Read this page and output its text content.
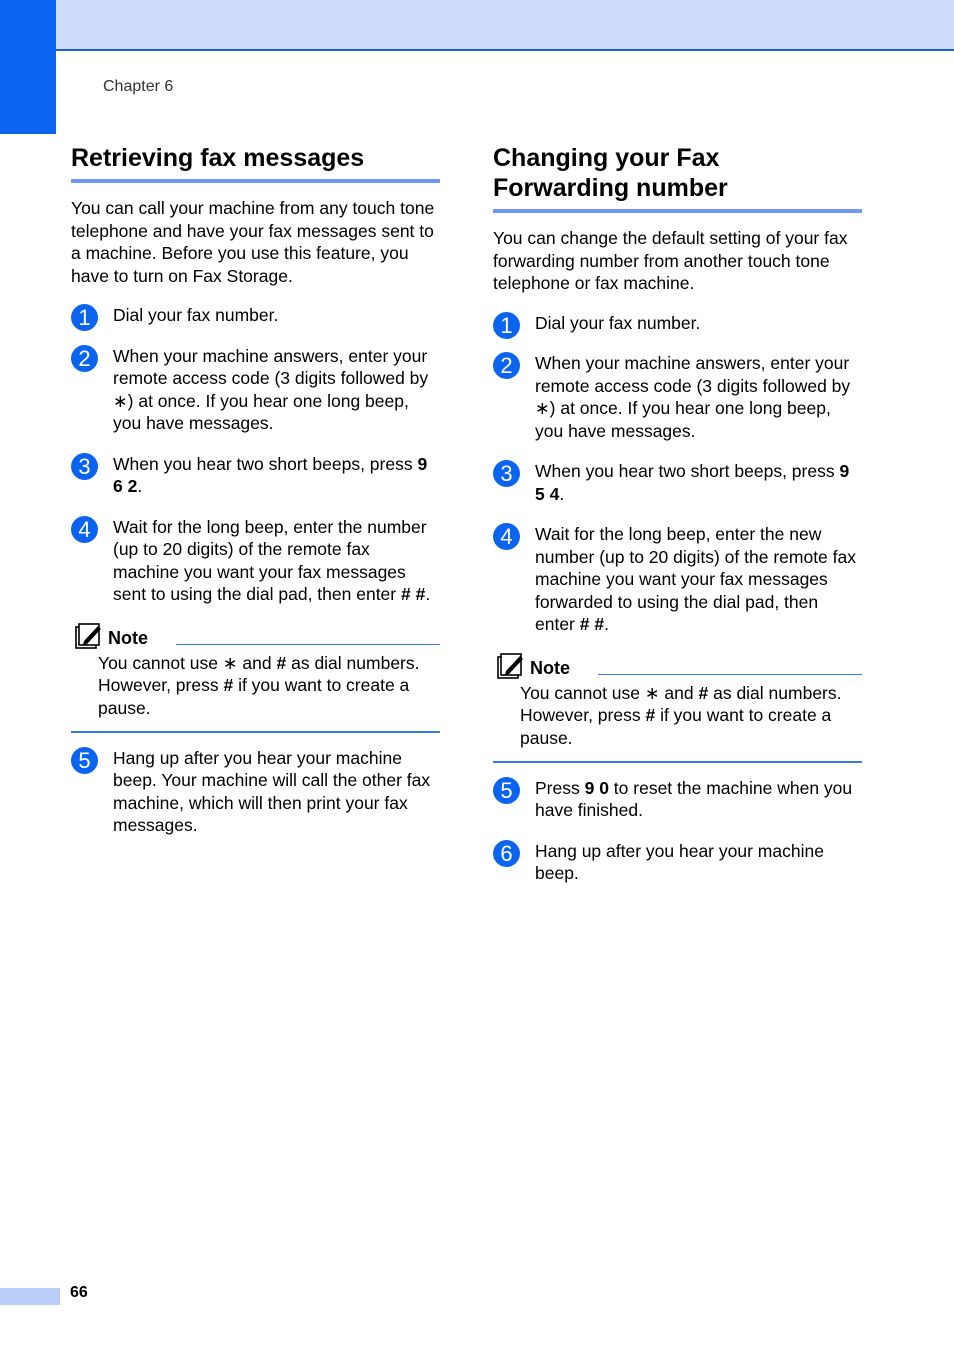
Chapter 6
Retrieving fax messages
You can call your machine from any touch tone telephone and have your fax messages sent to a machine. Before you use this feature, you have to turn on Fax Storage.
1	Dial your fax number.
2	When your machine answers, enter your remote access code (3 digits followed by ∗) at once. If you hear one long beep, you have messages.
3	When you hear two short beeps, press 9 6 2.
4	Wait for the long beep, enter the number (up to 20 digits) of the remote fax machine you want your fax messages sent to using the dial pad, then enter # #.
Note
You cannot use ∗ and # as dial numbers. However, press # if you want to create a pause.
5	Hang up after you hear your machine beep. Your machine will call the other fax machine, which will then print your fax messages.
Changing your Fax
Forwarding number
You can change the default setting of your fax forwarding number from another touch tone telephone or fax machine.
1	Dial your fax number.
2	When your machine answers, enter your remote access code (3 digits followed by ∗) at once. If you hear one long beep, you have messages.
3	When you hear two short beeps, press 9 5 4.
4	Wait for the long beep, enter the new number (up to 20 digits) of the remote fax machine you want your fax messages forwarded to using the dial pad, then enter # #.
Note
You cannot use ∗ and # as dial numbers. However, press # if you want to create a pause.
5	Press 9 0 to reset the machine when you have finished.
6	Hang up after you hear your machine beep.
66
